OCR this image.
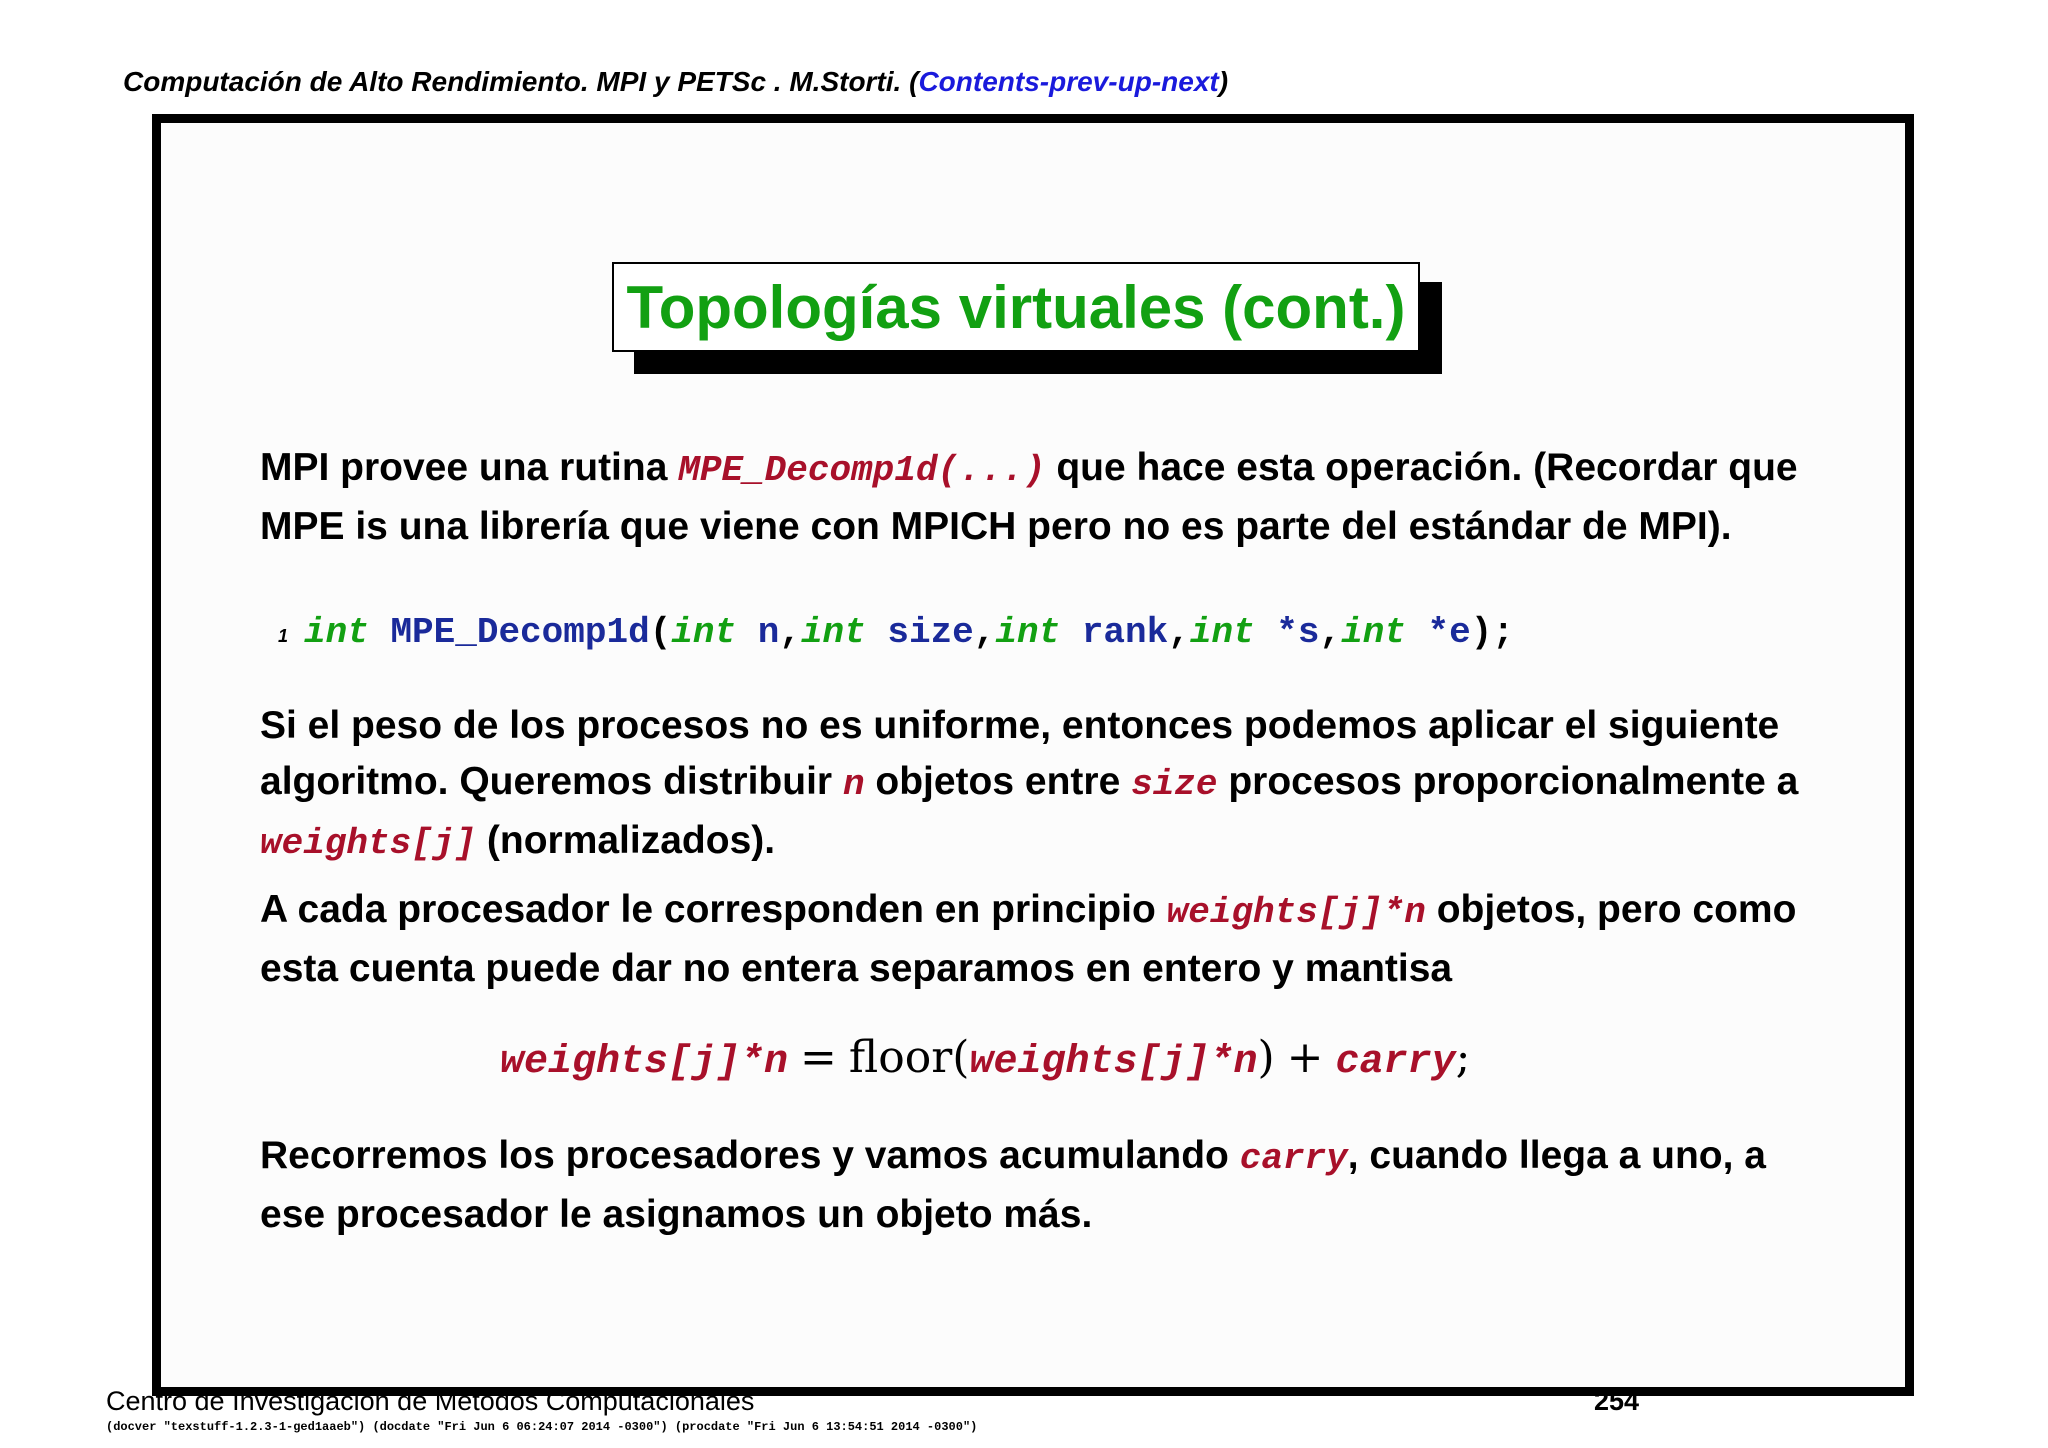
Computación de Alto Rendimiento. MPI y PETSc . M.Storti. (Contents-prev-up-next)
Topologías virtuales (cont.)
MPI provee una rutina MPE_Decomp1d(...) que hace esta operación. (Recordar que MPE is una librería que viene con MPICH pero no es parte del estándar de MPI).
1 int MPE_Decomp1d(int n,int size,int rank,int *s,int *e);
Si el peso de los procesos no es uniforme, entonces podemos aplicar el siguiente algoritmo. Queremos distribuir n objetos entre size procesos proporcionalmente a weights[j] (normalizados).
A cada procesador le corresponden en principio weights[j]*n objetos, pero como esta cuenta puede dar no entera separamos en entero y mantisa
weights[j]*n = floor(weights[j]*n) + carry;
Recorremos los procesadores y vamos acumulando carry, cuando llega a uno, a ese procesador le asignamos un objeto más.
Centro de Investigación de Métodos Computacionales	254
(docver "texstuff-1.2.3-1-ged1aaeb") (docdate "Fri Jun 6 06:24:07 2014 -0300") (procdate "Fri Jun 6 13:54:51 2014 -0300")
